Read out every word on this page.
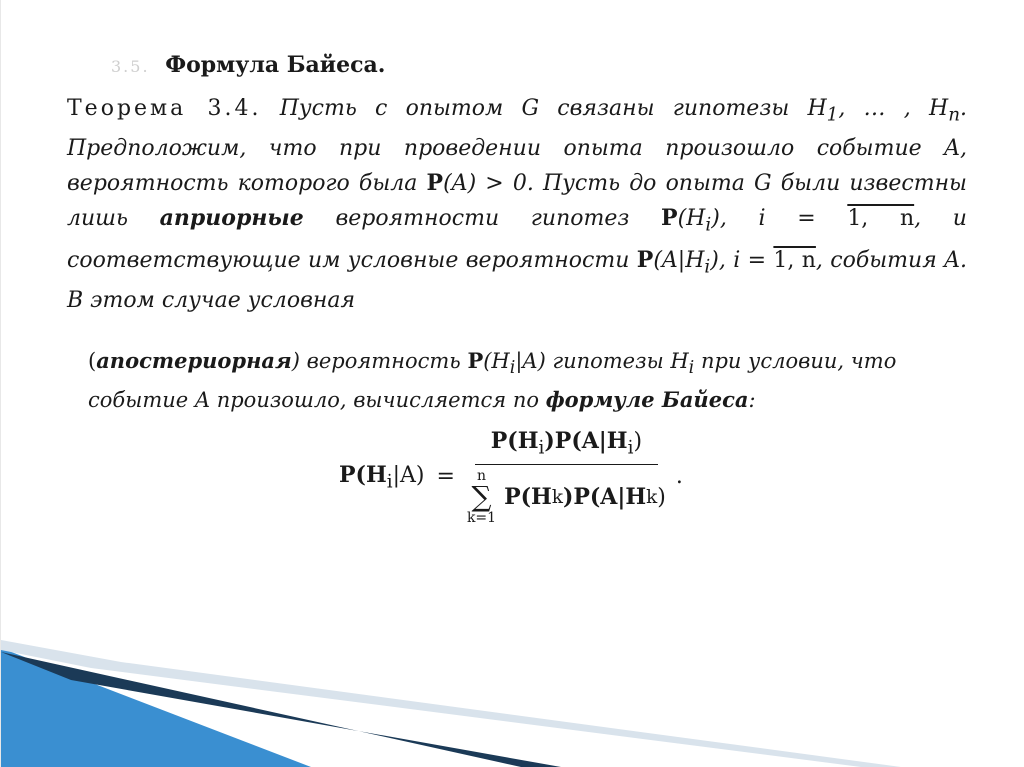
3.5. Формула Байеса.
Теорема 3.4. Пусть с опытом G связаны гипотезы $H_1$, … , $H_n$. Предположим, что при проведении опыта произошло событие A, вероятность которого была P(A) > 0. Пусть до опыта G были известны лишь априорные вероятности гипотез $P(H_i)$, i = 1, n, и соответствующие им условные вероятности $P(A|H_i)$, i = 1, n, события A. В этом случае условная
(апостериорная) вероятность $P(H_i|A)$ гипотезы $H_i$ при условии, что событие A произошло, вычисляется по формуле Байеса:
$P(H_i|A) = P(H_i)P(A|H_i)$
n
∑
k=1
P(H k )P(A|H k ) .
